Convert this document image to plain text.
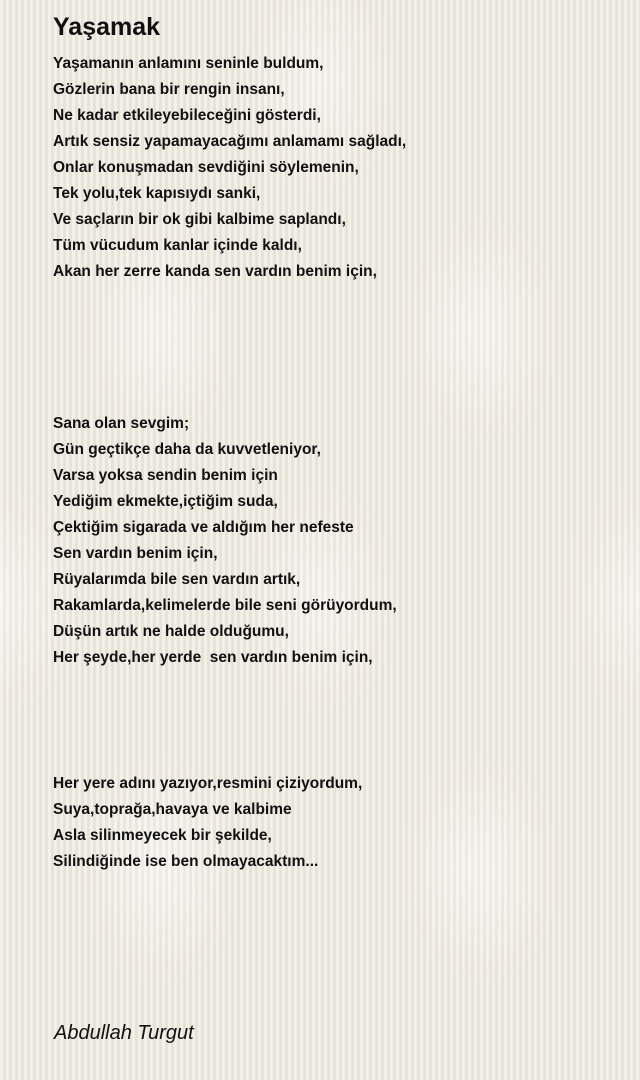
Yaşamak
Yaşamanın anlamını seninle buldum,
Gözlerin bana bir rengin insanı,
Ne kadar etkileyebileceğini gösterdi,
Artık sensiz yapamayacağımı anlamamı sağladı,
Onlar konuşmadan sevdiğini söylemenin,
Tek yolu,tek kapısıydı sanki,
Ve saçların bir ok gibi kalbime saplandı,
Tüm vücudum kanlar içinde kaldı,
Akan her zerre kanda sen vardın benim için,
Sana olan sevgim;
Gün geçtikçe daha da kuvvetleniyor,
Varsa yoksa sendin benim için
Yediğim ekmekte,içtiğim suda,
Çektiğim sigarada ve aldığım her nefeste
Sen vardın benim için,
Rüyalarımda bile sen vardın artık,
Rakamlarda,kelimelerde bile seni görüyordum,
Düşün artık ne halde olduğumu,
Her şeyde,her yerde  sen vardın benim için,
Her yere adını yazıyor,resmini çiziyordum,
Suya,toprağa,havaya ve kalbime
Asla silinmeyecek bir şekilde,
Silindiğinde ise ben olmayacaktım...
Abdullah Turgut
